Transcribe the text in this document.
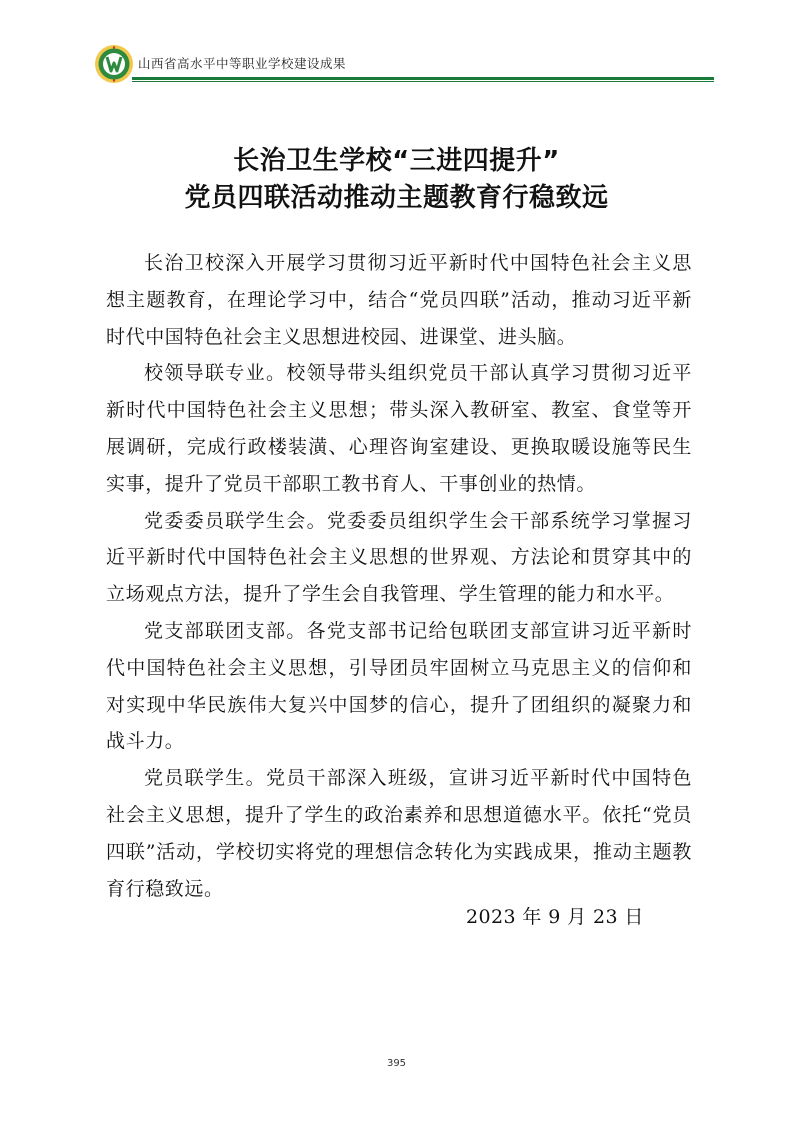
山西省高水平中等职业学校建设成果
长治卫生学校“三进四提升”
党员四联活动推动主题教育行稳致远

长治卫校深入开展学习贯彻习近平新时代中国特色社会主义思想主题教育，在理论学习中，结合“党员四联”活动，推动习近平新时代中国特色社会主义思想进校园、进课堂、进头脑。

校领导联专业。校领导带头组织党员干部认真学习贯彻习近平新时代中国特色社会主义思想；带头深入教研室、教室、食堂等开展调研，完成行政楼装潢、心理咨询室建设、更换取暖设施等民生实事，提升了党员干部职工教书育人、干事创业的热情。

党委委员联学生会。党委委员组织学生会干部系统学习掌握习近平新时代中国特色社会主义思想的世界观、方法论和贯穿其中的立场观点方法，提升了学生会自我管理、学生管理的能力和水平。

党支部联团支部。各党支部书记给包联团支部宣讲习近平新时代中国特色社会主义思想，引导团员牢固树立马克思主义的信仰和对实现中华民族伟大复兴中国梦的信心，提升了团组织的凝聚力和战斗力。

党员联学生。党员干部深入班级，宣讲习近平新时代中国特色社会主义思想，提升了学生的政治素养和思想道德水平。依托“党员四联”活动，学校切实将党的理想信念转化为实践成果，推动主题教育行稳致远。

2023 年 9 月 23 日
395
